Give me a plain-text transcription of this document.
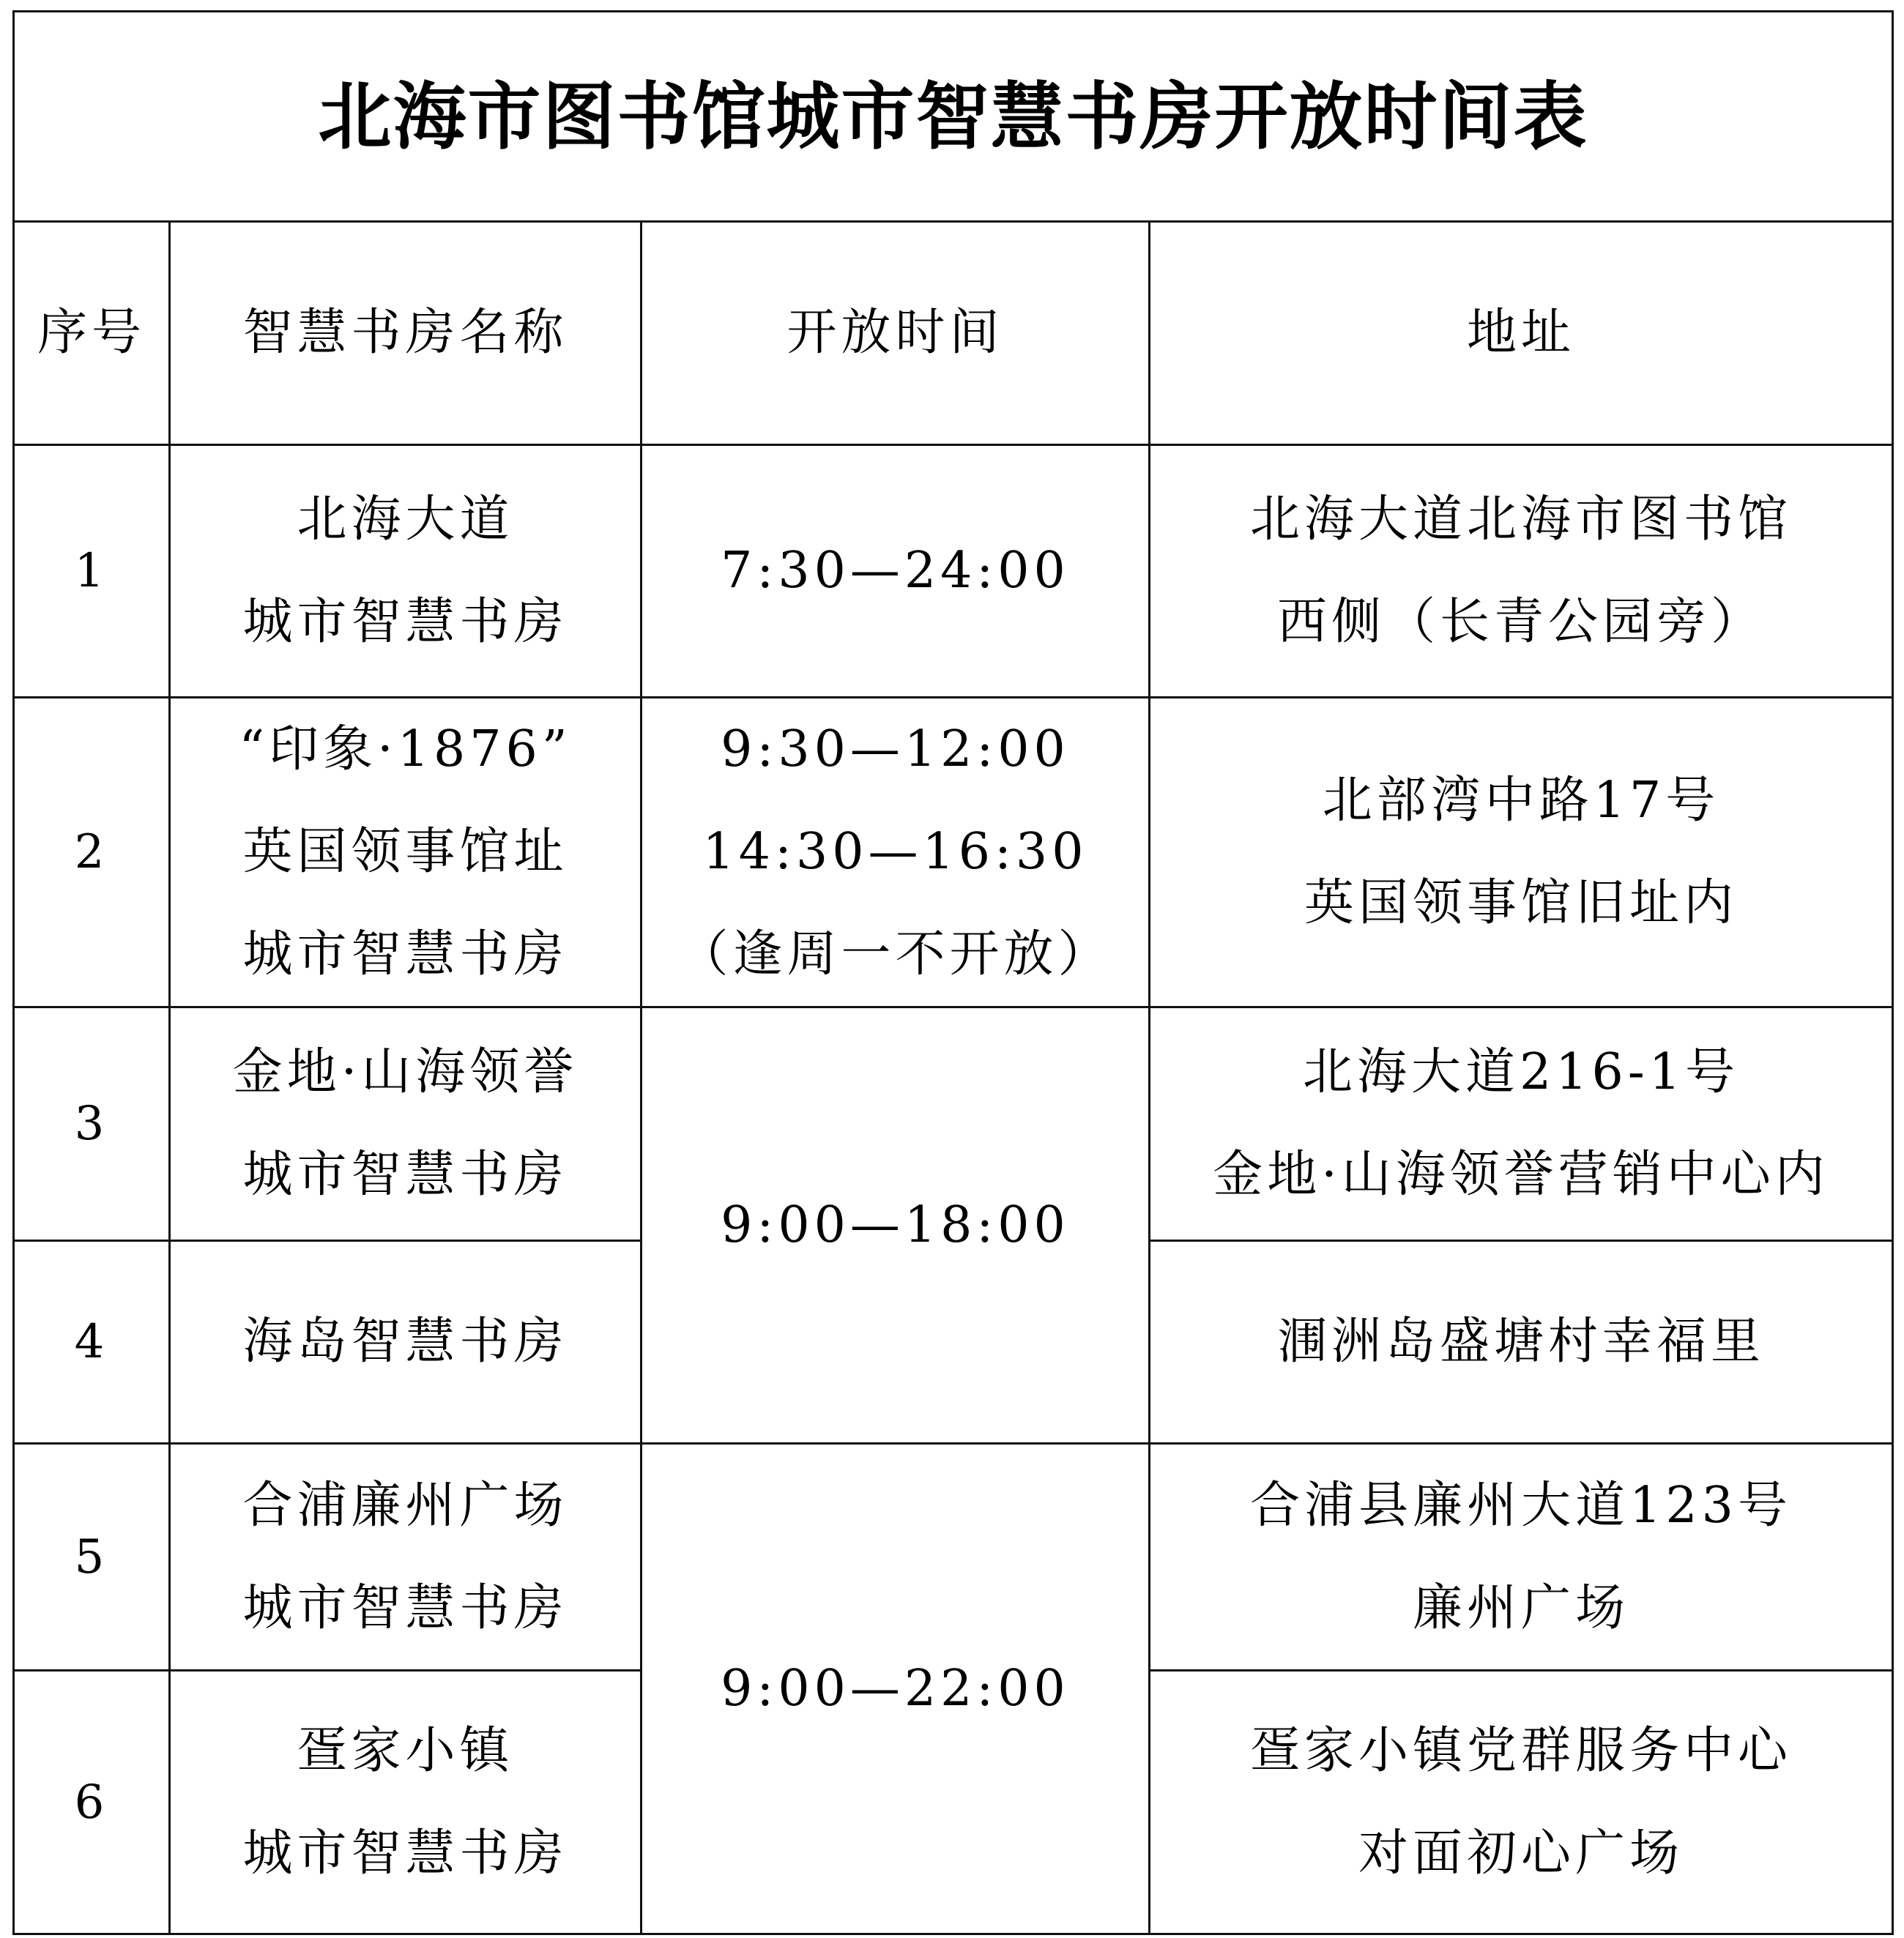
北海市图书馆城市智慧书房开放时间表			
序号	智慧书房名称	开放时间	地址
1	北海大道
城市智慧书房	7:30—24:00	北海大道北海市图书馆
西侧（长青公园旁）

2	“印象·1876”
英国领事馆址
城市智慧书房	9:30—12:00
14:30—16:30
（逢周一不开放）	北部湾中路17号
英国领事馆旧址内

3	金地·山海领誉
城市智慧书房	9:00—18:00	北海大道216-1号
金地·山海领誉营销中心内

4	海岛智慧书房		涠洲岛盛塘村幸福里

5	合浦廉州广场
城市智慧书房	9:00—22:00	合浦县廉州大道123号
廉州广场

6	疍家小镇
城市智慧书房		疍家小镇党群服务中心
对面初心广场
